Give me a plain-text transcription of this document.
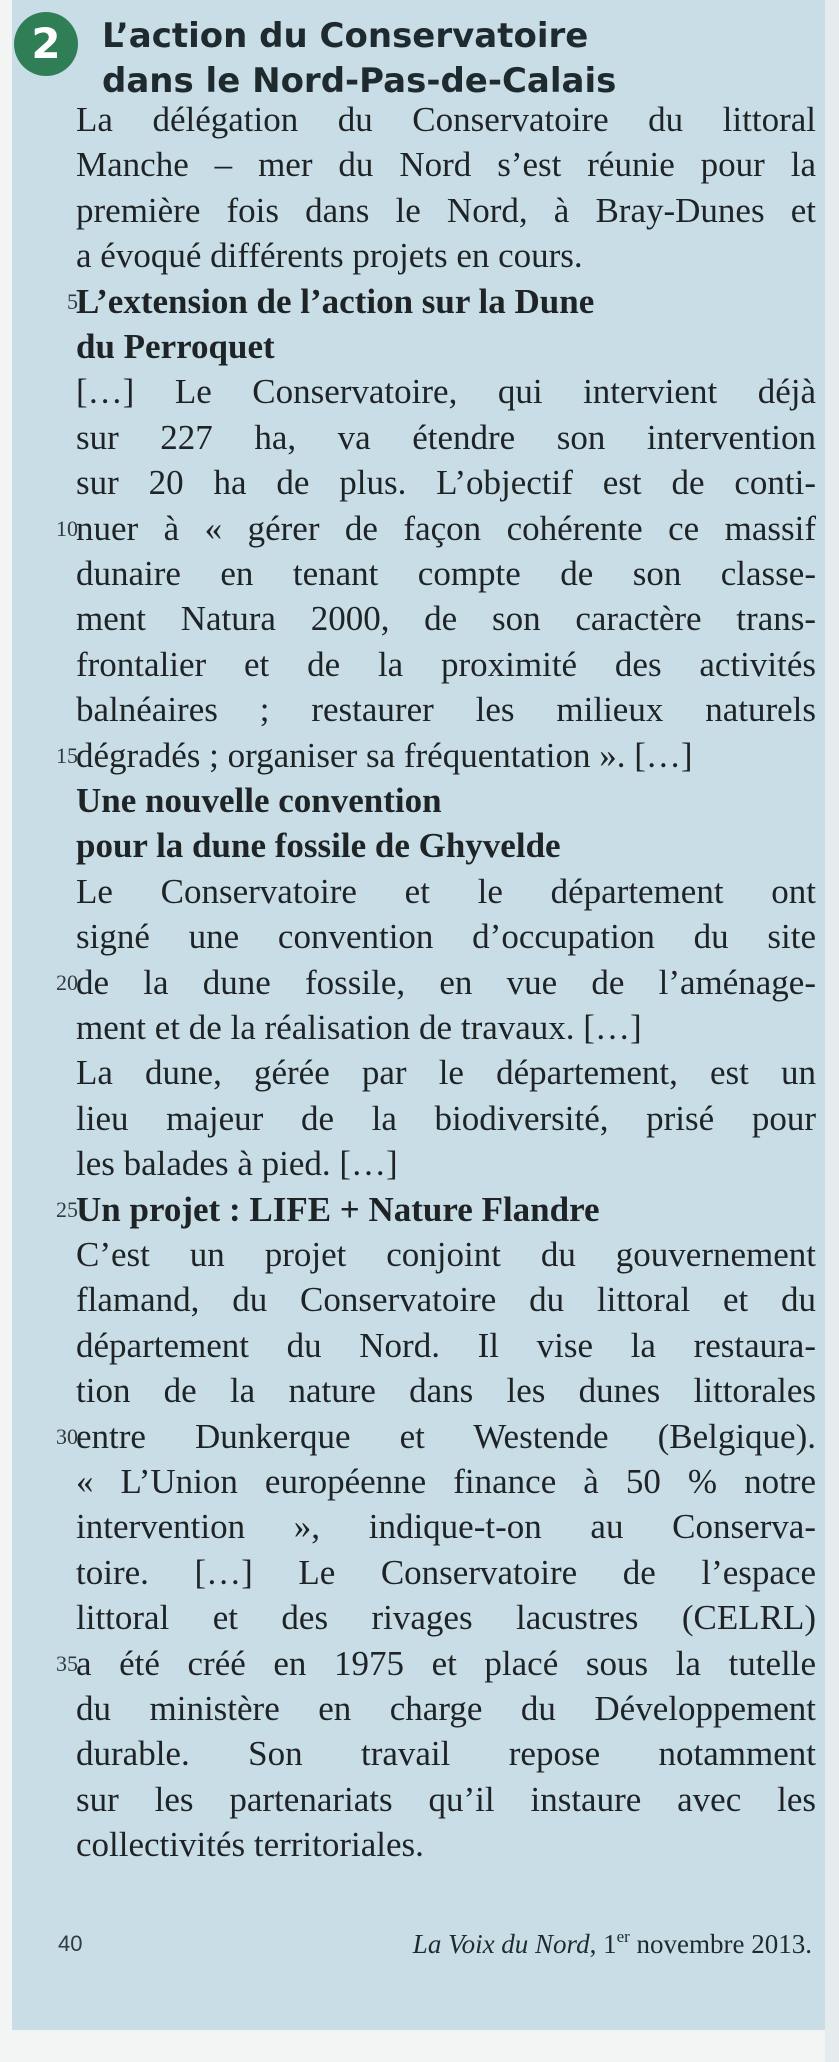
2	L’action du Conservatoire
dans le Nord-Pas-de-Calais
La délégation du Conservatoire du littoral
Manche – mer du Nord s’est réunie pour la
première fois dans le Nord, à Bray-Dunes et
a évoqué différents projets en cours.
L’extension de l’action sur la Dune
5
du Perroquet
[…] Le Conservatoire, qui intervient déjà
sur 227 ha, va étendre son intervention
sur 20 ha de plus. L’objectif est de conti-
nuer à « gérer de façon cohérente ce massif
10
dunaire en tenant compte de son classe-
ment Natura 2000, de son caractère trans-
frontalier et de la proximité des activités
balnéaires ; restaurer les milieux naturels
dégradés ; organiser sa fréquentation ». […]
15
Une nouvelle convention
pour la dune fossile de Ghyvelde
Le Conservatoire et le département ont
signé une convention d’occupation du site
de la dune fossile, en vue de l’aménage-
20
ment et de la réalisation de travaux. […]
La dune, gérée par le département, est un
lieu majeur de la biodiversité, prisé pour
les balades à pied. […]
Un projet : LIFE + Nature Flandre
25
C’est un projet conjoint du gouvernement
flamand, du Conservatoire du littoral et du
département du Nord. Il vise la restaura-
tion de la nature dans les dunes littorales
entre Dunkerque et Westende (Belgique).
30
« L’Union européenne finance à 50 % notre
intervention », indique-t-on au Conserva-
toire. […] Le Conservatoire de l’espace
littoral et des rivages lacustres (CELRL)
a été créé en 1975 et placé sous la tutelle
35
du ministère en charge du Développement
durable. Son travail repose notamment
sur les partenariats qu’il instaure avec les
collectivités territoriales.
40	La Voix du Nord, 1er novembre 2013.
